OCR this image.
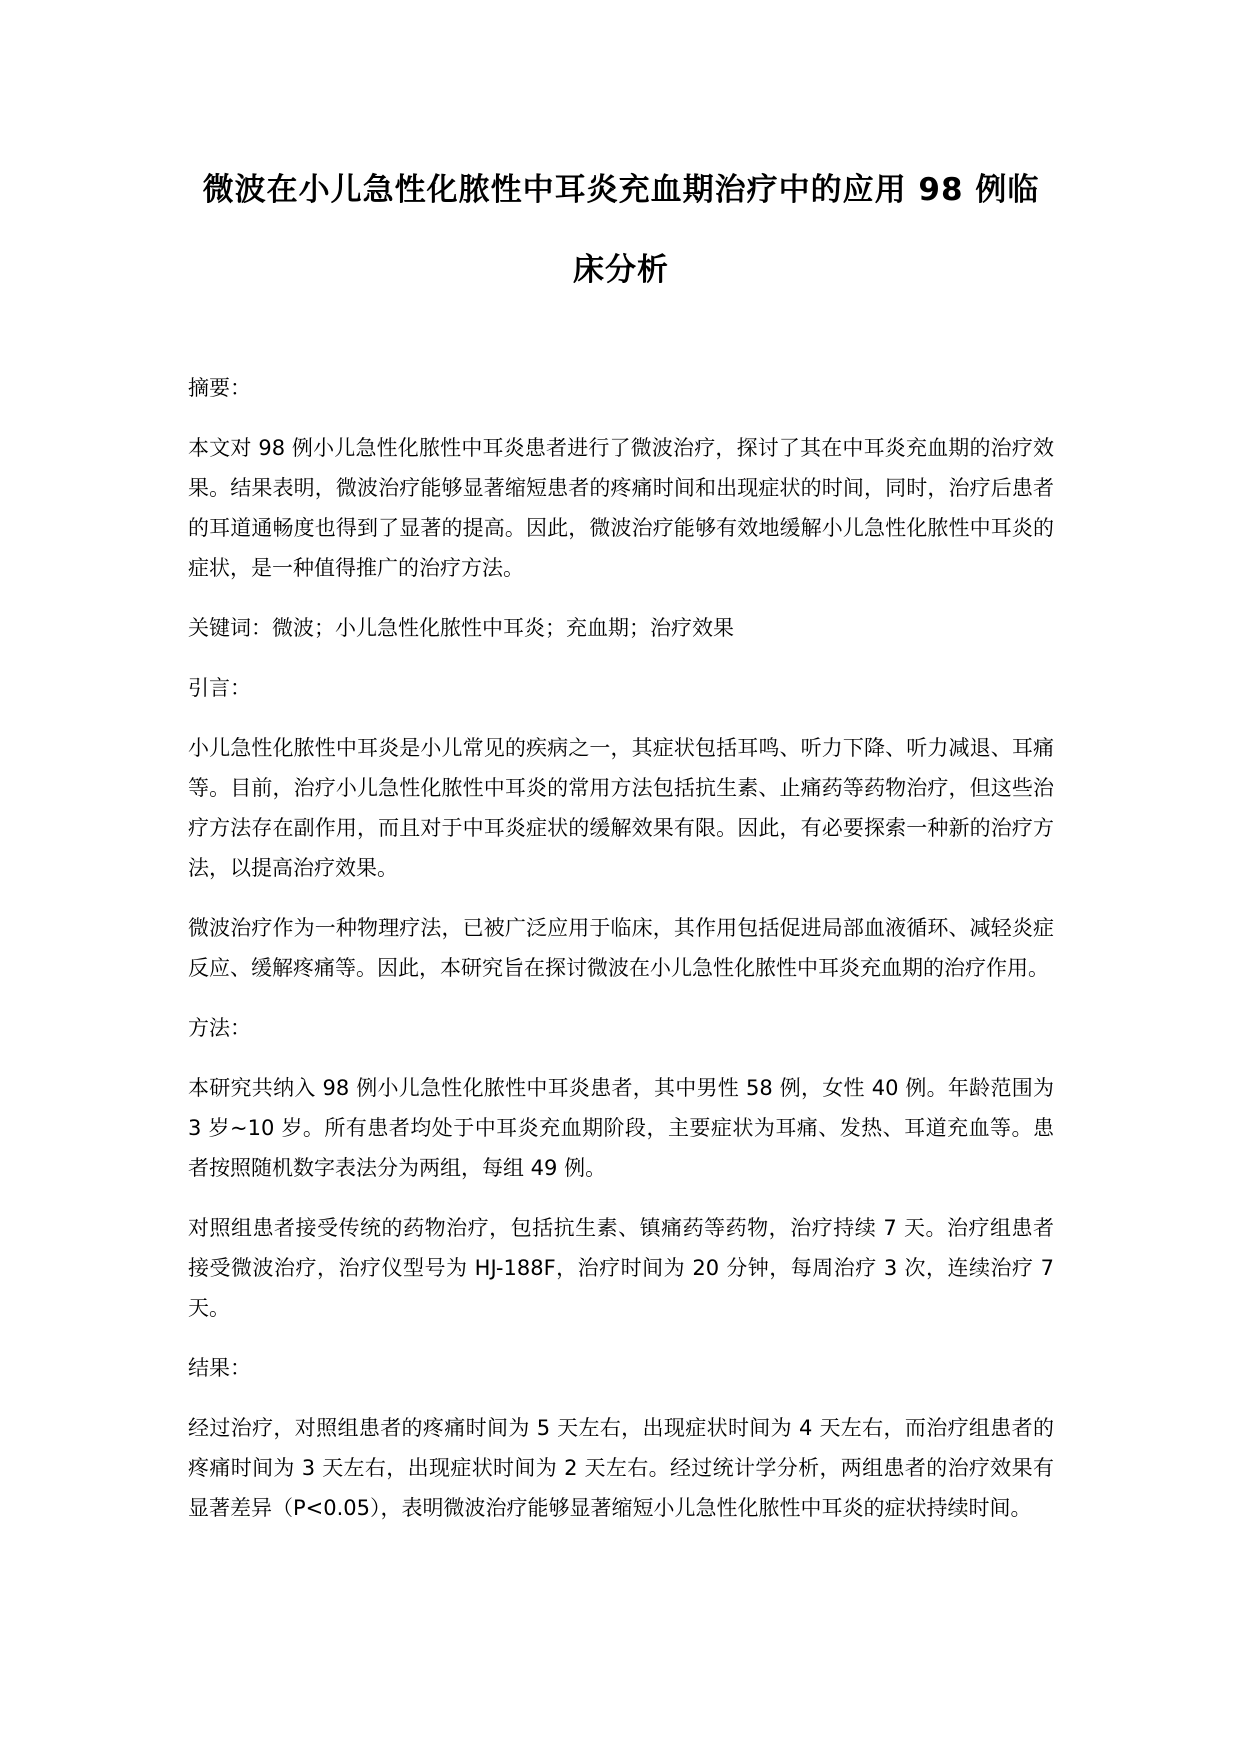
微波在小儿急性化脓性中耳炎充血期治疗中的应用 98 例临
床分析

摘要：

本文对 98 例小儿急性化脓性中耳炎患者进行了微波治疗，探讨了其在中耳炎充血期的治疗效果。结果表明，微波治疗能够显著缩短患者的疼痛时间和出现症状的时间，同时，治疗后患者的耳道通畅度也得到了显著的提高。因此，微波治疗能够有效地缓解小儿急性化脓性中耳炎的症状，是一种值得推广的治疗方法。

关键词：微波；小儿急性化脓性中耳炎；充血期；治疗效果

引言：

小儿急性化脓性中耳炎是小儿常见的疾病之一，其症状包括耳鸣、听力下降、听力减退、耳痛等。目前，治疗小儿急性化脓性中耳炎的常用方法包括抗生素、止痛药等药物治疗，但这些治疗方法存在副作用，而且对于中耳炎症状的缓解效果有限。因此，有必要探索一种新的治疗方法，以提高治疗效果。

微波治疗作为一种物理疗法，已被广泛应用于临床，其作用包括促进局部血液循环、减轻炎症反应、缓解疼痛等。因此，本研究旨在探讨微波在小儿急性化脓性中耳炎充血期的治疗作用。

方法：

本研究共纳入 98 例小儿急性化脓性中耳炎患者，其中男性 58 例，女性 40 例。年龄范围为 3 岁~10 岁。所有患者均处于中耳炎充血期阶段，主要症状为耳痛、发热、耳道充血等。患者按照随机数字表法分为两组，每组 49 例。

对照组患者接受传统的药物治疗，包括抗生素、镇痛药等药物，治疗持续 7 天。治疗组患者接受微波治疗，治疗仪型号为 HJ-188F，治疗时间为 20 分钟，每周治疗 3 次，连续治疗 7 天。

结果：

经过治疗，对照组患者的疼痛时间为 5 天左右，出现症状时间为 4 天左右，而治疗组患者的疼痛时间为 3 天左右，出现症状时间为 2 天左右。经过统计学分析，两组患者的治疗效果有显著差异（P<0.05），表明微波治疗能够显著缩短小儿急性化脓性中耳炎的症状持续时间。
